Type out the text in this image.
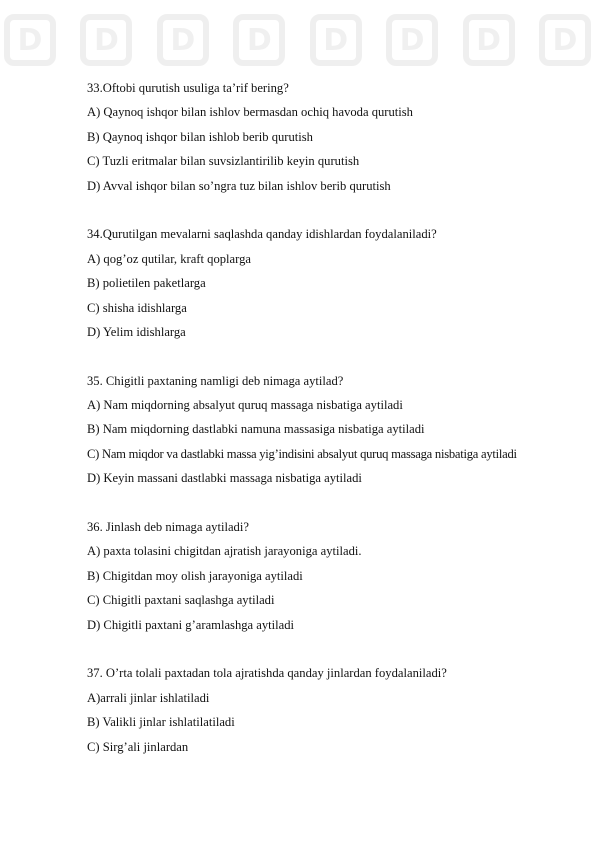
D	D	D	D	D	D	D	D
33.Oftobi qurutish usuliga ta’rif bering?
A) Qaynoq ishqor bilan ishlov bermasdan ochiq havoda qurutish
B) Qaynoq ishqor bilan ishlob berib qurutish
C) Tuzli eritmalar bilan suvsizlantirilib keyin qurutish
D) Avval ishqor bilan so’ngra tuz bilan ishlov berib qurutish
34.Qurutilgan mevalarni saqlashda qanday idishlardan foydalaniladi?
A) qog’oz qutilar, kraft qoplarga
B) polietilen paketlarga
C) shisha idishlarga
D) Yelim idishlarga
35. Chigitli paxtaning namligi deb nimaga aytilad?
A) Nam miqdorning absalyut quruq massaga nisbatiga aytiladi
B) Nam miqdorning dastlabki namuna massasiga nisbatiga aytiladi
C) Nam miqdor va dastlabki massa yig’indisini absalyut quruq massaga nisbatiga aytiladi
D) Keyin massani dastlabki massaga nisbatiga aytiladi
36. Jinlash deb nimaga aytiladi?
A) paxta tolasini chigitdan ajratish jarayoniga aytiladi.
B) Chigitdan moy olish jarayoniga aytiladi
C) Chigitli paxtani saqlashga aytiladi
D) Chigitli paxtani g’aramlashga aytiladi
37. O’rta tolali paxtadan tola ajratishda qanday jinlardan foydalaniladi?
A)arrali jinlar ishlatiladi
B) Valikli jinlar ishlatilatiladi
C) Sirg’ali jinlardan
